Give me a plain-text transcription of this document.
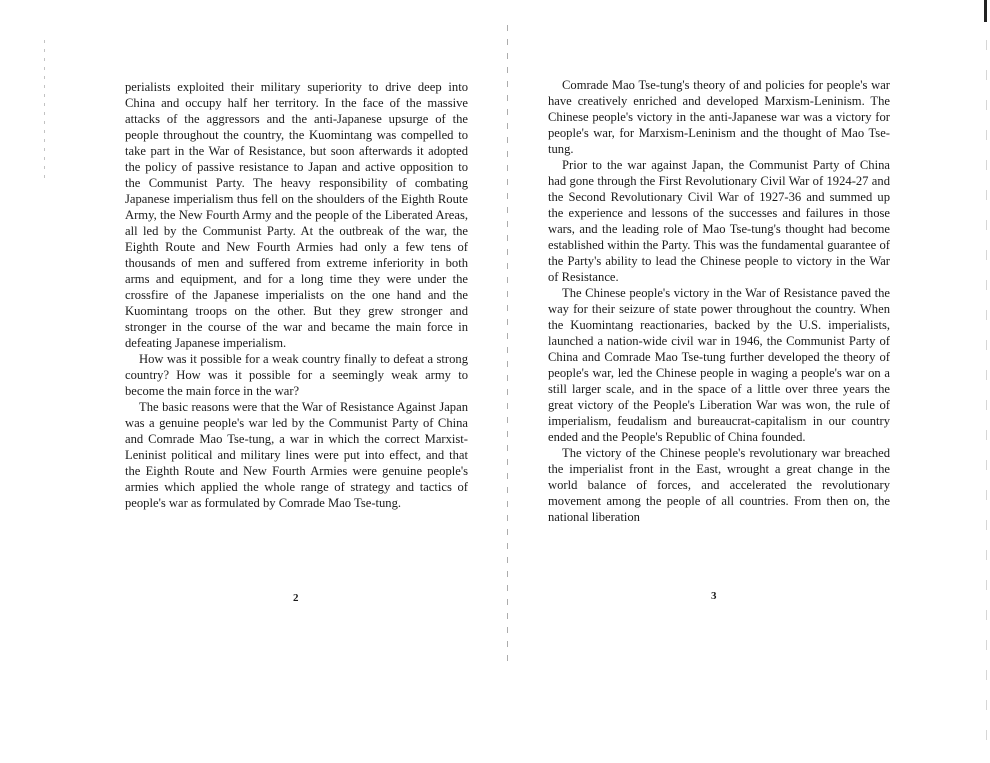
perialists exploited their military superiority to drive deep into China and occupy half her territory. In the face of the massive attacks of the aggressors and the anti-Japanese upsurge of the people throughout the country, the Kuomintang was compelled to take part in the War of Resistance, but soon afterwards it adopted the policy of passive resistance to Japan and active opposition to the Communist Party. The heavy responsibility of combating Japanese imperialism thus fell on the shoulders of the Eighth Route Army, the New Fourth Army and the people of the Liberated Areas, all led by the Communist Party. At the outbreak of the war, the Eighth Route and New Fourth Armies had only a few tens of thousands of men and suffered from extreme inferiority in both arms and equipment, and for a long time they were under the crossfire of the Japanese imperialists on the one hand and the Kuomintang troops on the other. But they grew stronger and stronger in the course of the war and became the main force in defeating Japanese imperialism.

How was it possible for a weak country finally to defeat a strong country? How was it possible for a seemingly weak army to become the main force in the war?

The basic reasons were that the War of Resistance Against Japan was a genuine people's war led by the Communist Party of China and Comrade Mao Tse-tung, a war in which the correct Marxist-Leninist political and military lines were put into effect, and that the Eighth Route and New Fourth Armies were genuine people's armies which applied the whole range of strategy and tactics of people's war as formulated by Comrade Mao Tse-tung.

2

Comrade Mao Tse-tung's theory of and policies for people's war have creatively enriched and developed Marxism-Leninism. The Chinese people's victory in the anti-Japanese war was a victory for people's war, for Marxism-Leninism and the thought of Mao Tse-tung.

Prior to the war against Japan, the Communist Party of China had gone through the First Revolutionary Civil War of 1924-27 and the Second Revolutionary Civil War of 1927-36 and summed up the experience and lessons of the successes and failures in those wars, and the leading role of Mao Tse-tung's thought had become established within the Party. This was the fundamental guarantee of the Party's ability to lead the Chinese people to victory in the War of Resistance.

The Chinese people's victory in the War of Resistance paved the way for their seizure of state power throughout the country. When the Kuomintang reactionaries, backed by the U.S. imperialists, launched a nation-wide civil war in 1946, the Communist Party of China and Comrade Mao Tse-tung further developed the theory of people's war, led the Chinese people in waging a people's war on a still larger scale, and in the space of a little over three years the great victory of the People's Liberation War was won, the rule of imperialism, feudalism and bureaucrat-capitalism in our country ended and the People's Republic of China founded.

The victory of the Chinese people's revolutionary war breached the imperialist front in the East, wrought a great change in the world balance of forces, and accelerated the revolutionary movement among the people of all countries. From then on, the national liberation

3
